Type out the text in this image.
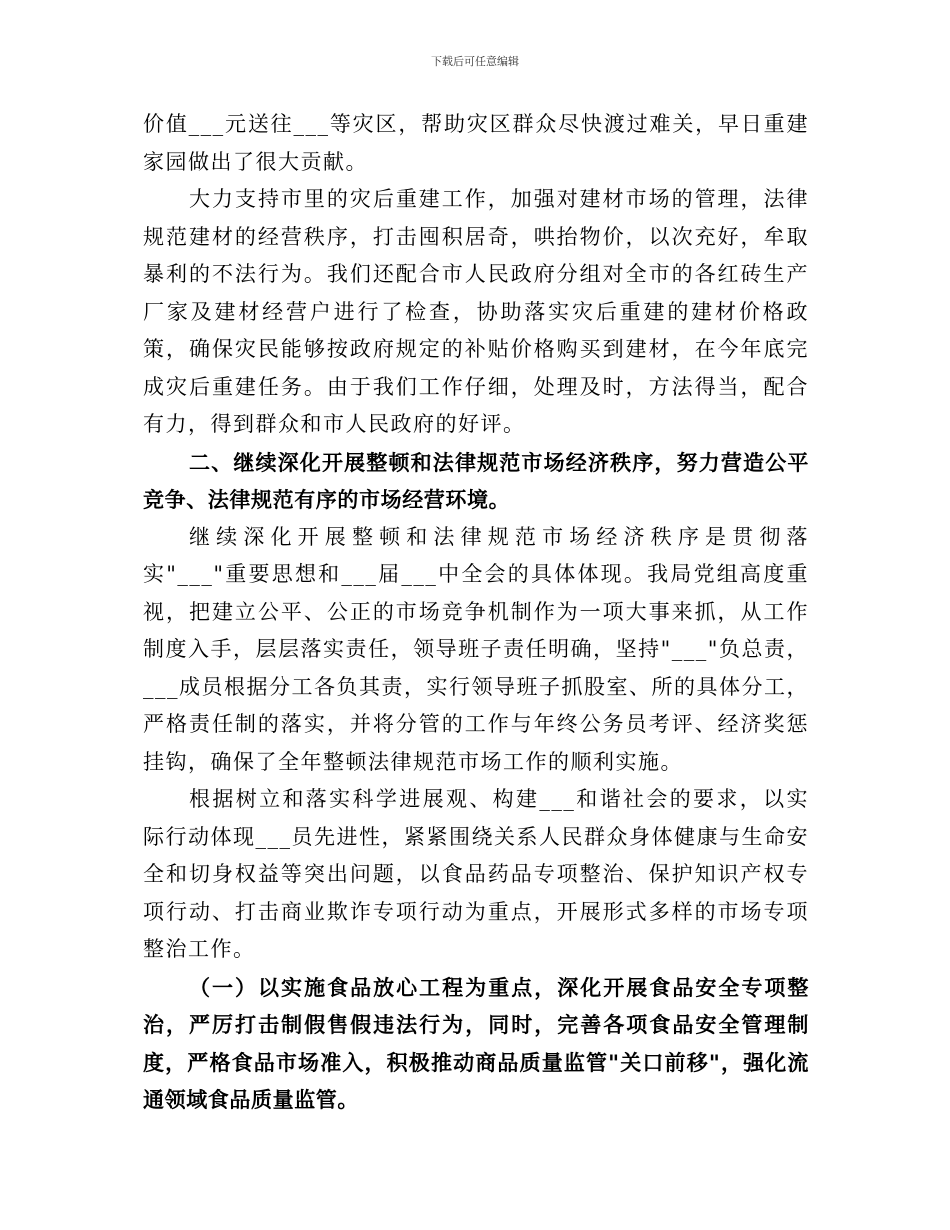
下载后可任意编辑

价值___元送往___等灾区，帮助灾区群众尽快渡过难关，早日重建家园做出了很大贡献。

大力支持市里的灾后重建工作，加强对建材市场的管理，法律规范建材的经营秩序，打击囤积居奇，哄抬物价，以次充好，牟取暴利的不法行为。我们还配合市人民政府分组对全市的各红砖生产厂家及建材经营户进行了检查，协助落实灾后重建的建材价格政策，确保灾民能够按政府规定的补贴价格购买到建材，在今年底完成灾后重建任务。由于我们工作仔细，处理及时，方法得当，配合有力，得到群众和市人民政府的好评。

二、继续深化开展整顿和法律规范市场经济秩序，努力营造公平竞争、法律规范有序的市场经营环境。

继续深化开展整顿和法律规范市场经济秩序是贯彻落实"___"重要思想和___届___中全会的具体体现。我局党组高度重视，把建立公平、公正的市场竞争机制作为一项大事来抓，从工作制度入手，层层落实责任，领导班子责任明确，坚持"___"负总责，___成员根据分工各负其责，实行领导班子抓股室、所的具体分工，严格责任制的落实，并将分管的工作与年终公务员考评、经济奖惩挂钩，确保了全年整顿法律规范市场工作的顺利实施。

根据树立和落实科学进展观、构建___和谐社会的要求，以实际行动体现___员先进性，紧紧围绕关系人民群众身体健康与生命安全和切身权益等突出问题，以食品药品专项整治、保护知识产权专项行动、打击商业欺诈专项行动为重点，开展形式多样的市场专项整治工作。

（一）以实施食品放心工程为重点，深化开展食品安全专项整治，严厉打击制假售假违法行为，同时，完善各项食品安全管理制度，严格食品市场准入，积极推动商品质量监管"关口前移"，强化流通领域食品质量监管。
